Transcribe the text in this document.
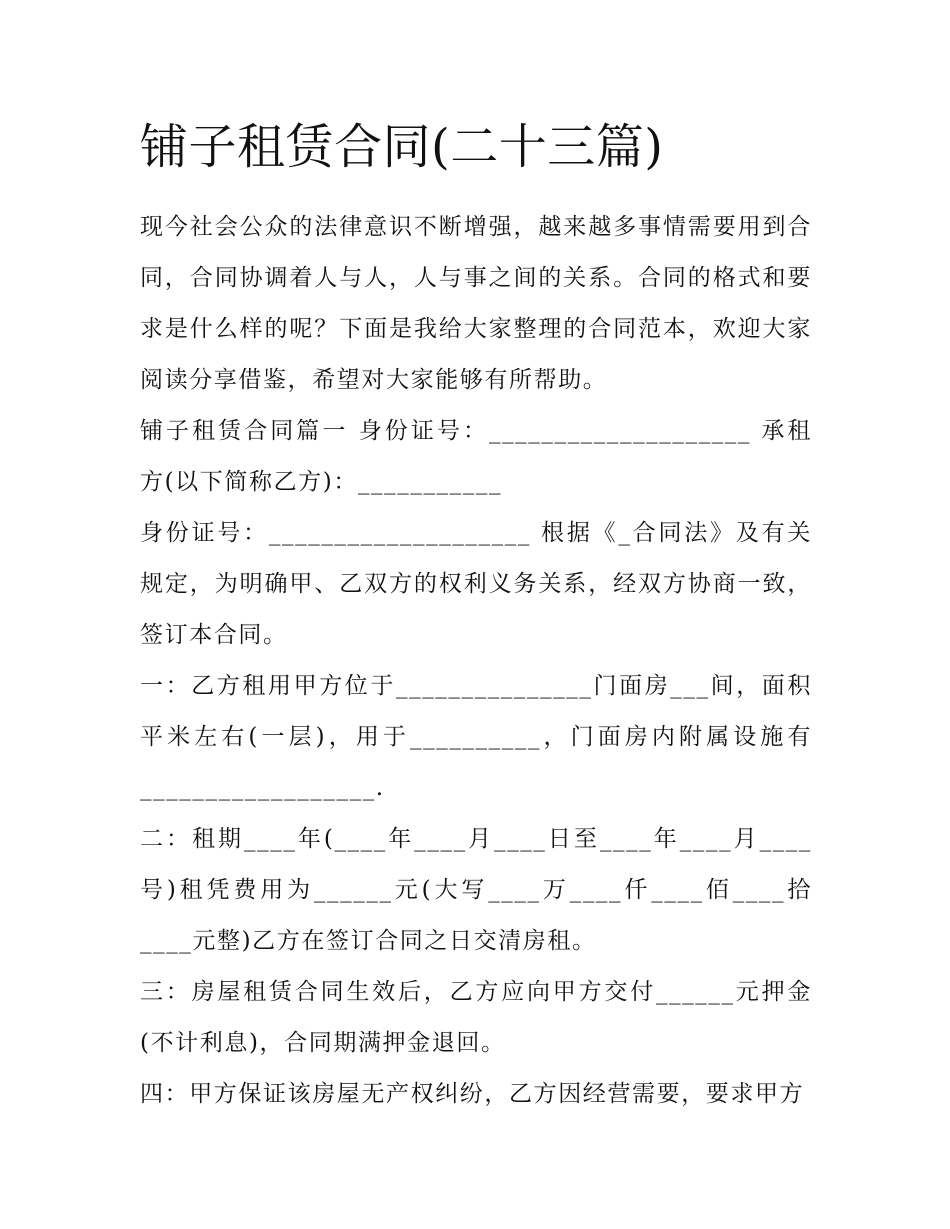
铺子租赁合同(二十三篇)

现今社会公众的法律意识不断增强，越来越多事情需要用到合同，合同协调着人与人，人与事之间的关系。合同的格式和要求是什么样的呢？下面是我给大家整理的合同范本，欢迎大家阅读分享借鉴，希望对大家能够有所帮助。

铺子租赁合同篇一 身份证号：____________________ 承租方(以下简称乙方)：___________

身份证号：____________________ 根据《_合同法》及有关规定，为明确甲、乙双方的权利义务关系，经双方协商一致，签订本合同。

一：乙方租用甲方位于_______________门面房___间，面积平米左右(一层)，用于__________，门面房内附属设施有__________________.

二：租期____年(____年____月____日至____年____月____号)租凭费用为______元(大写____万____仟____佰____拾____元整)乙方在签订合同之日交清房租。

三：房屋租赁合同生效后，乙方应向甲方交付______元押金(不计利息)，合同期满押金退回。

四：甲方保证该房屋无产权纠纷，乙方因经营需要，要求甲方
